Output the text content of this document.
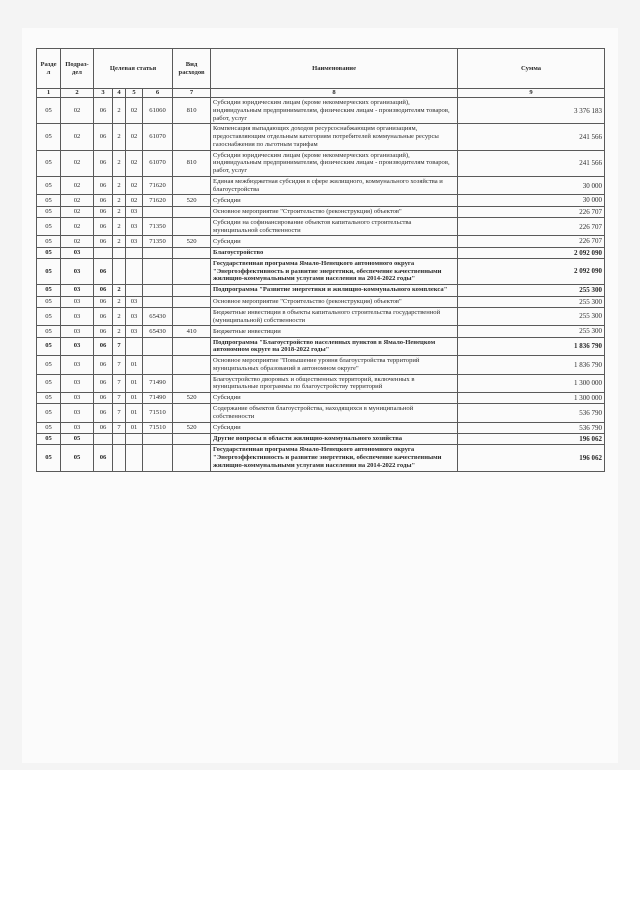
Разде л	Подраз- дел	Целевая статья				Вид расходов	Наименование	Сумма
1	2	3	4	5	6	7	8	9
05	02	06	2	02	61060	810	Субсидии юридическим лицам (кроме некоммерческих организаций), индивидуальным предпринимателям, физическим лицам - производителям товаров, работ, услуг	3 376 183
05	02	06	2	02	61070		Компенсация выпадающих доходов ресурсоснабжающим организациям, предоставляющим отдельным категориям потребителей коммунальные ресурсы газоснабжения по льготным тарифам	241 566
05	02	06	2	02	61070	810	Субсидии юридическим лицам (кроме некоммерческих организаций), индивидуальным предпринимателям, физическим лицам - производителям товаров, работ, услуг	241 566
05	02	06	2	02	71620		Единая межбюджетная субсидия в сфере жилищного, коммунального хозяйства и благоустройства	30 000
05	02	06	2	02	71620	520	Субсидии	30 000
05	02	06	2	03			Основное мероприятие "Строительство (реконструкция) объектов"	226 707
05	02	06	2	03	71350		Субсидии на софинансирование объектов капитального строительства муниципальной собственности	226 707
05	02	06	2	03	71350	520	Субсидии	226 707
05	03						Благоустройство	2 092 090
05	03	06					Государственная программа Ямало-Ненецкого автономного округа "Энергоэффективность и развитие энергетики, обеспечение качественными жилищно-коммунальными услугами населения на 2014-2022 годы"	2 092 090
05	03	06	2				Подпрограмма "Развитие энергетики и жилищно-коммунального комплекса"	255 300
05	03	06	2	03			Основное мероприятие "Строительство (реконструкция) объектов"	255 300
05	03	06	2	03	65430		Бюджетные инвестиции в объекты капитального строительства государственной (муниципальной) собственности	255 300
05	03	06	2	03	65430	410	Бюджетные инвестиции	255 300
05	03	06	7				Подпрограмма "Благоустройство населенных пунктов в Ямало-Ненецком автономном округе на 2018-2022 годы"	1 836 790
05	03	06	7	01			Основное мероприятие "Повышение уровня благоустройства территорий муниципальных образований в автономном округе"	1 836 790
05	03	06	7	01	71490		Благоустройство дворовых и общественных территорий, включенных в муниципальные программы по благоустройству территорий	1 300 000
05	03	06	7	01	71490	520	Субсидии	1 300 000
05	03	06	7	01	71510		Содержание объектов благоустройства, находящихся в муниципальной собственности	536 790
05	03	06	7	01	71510	520	Субсидии	536 790
05	05						Другие вопросы в области жилищно-коммунального хозяйства	196 062
05	05	06					Государственная программа Ямало-Ненецкого автономного округа "Энергоэффективность и развитие энергетики, обеспечение качественными жилищно-коммунальными услугами населения на 2014-2022 годы"	196 062
